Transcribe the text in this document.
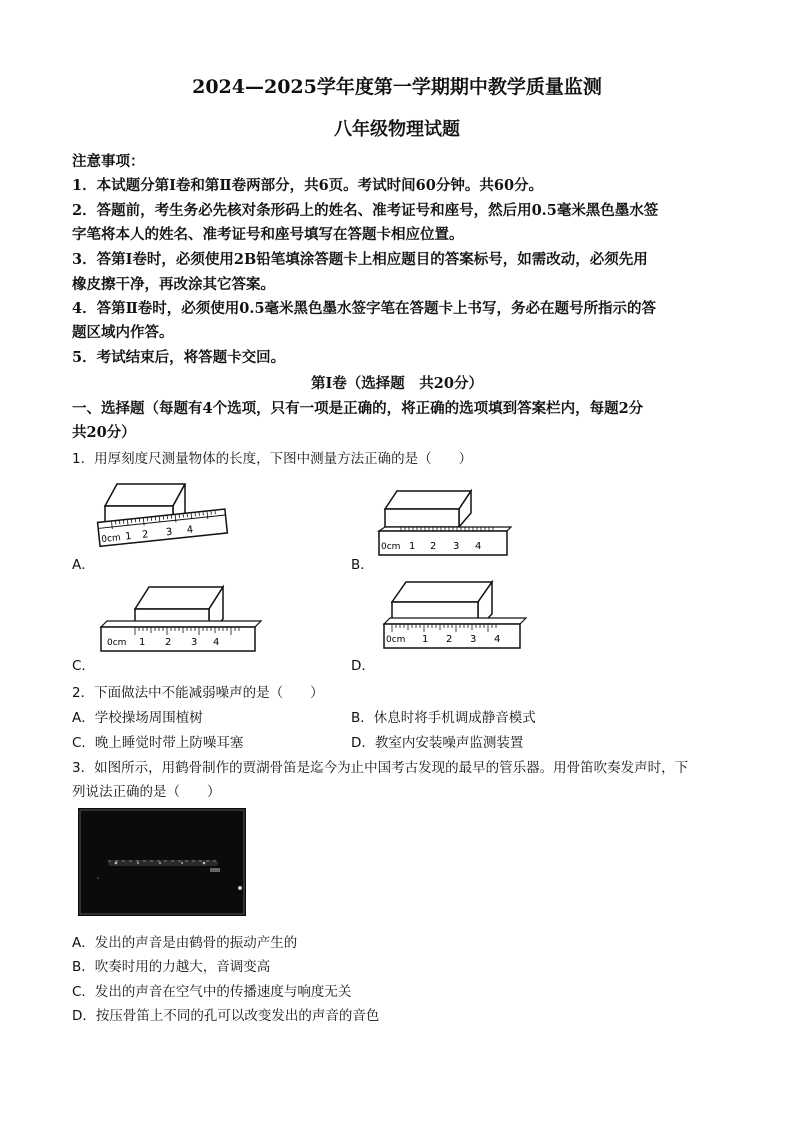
2024—2025学年度第一学期期中教学质量监测
八年级物理试题
注意事项：
1．本试题分第Ⅰ卷和第Ⅱ卷两部分，共6页。考试时间60分钟。共60分。
2．答题前，考生务必先核对条形码上的姓名、准考证号和座号，然后用0.5毫米黑色墨水签
字笔将本人的姓名、准考证号和座号填写在答题卡相应位置。
3．答第Ⅰ卷时，必须使用2B铅笔填涂答题卡上相应题目的答案标号，如需改动，必须先用
橡皮擦干净，再改涂其它答案。
4．答第Ⅱ卷时，必须使用0.5毫米黑色墨水签字笔在答题卡上书写，务必在题号所指示的答
题区域内作答。
5．考试结束后，将答题卡交回。
第Ⅰ卷（选择题　共20分）
一、选择题（每题有4个选项，只有一项是正确的，将正确的选项填到答案栏内，每题2分
共20分）
1．用厚刻度尺测量物体的长度，下图中测量方法正确的是（　　）
0cm 1 2 3 4
A．
0cm 1 2 3 4
B．
0cm 1 2 3 4
C．
0cm 1 2 3 4
D．
2．下面做法中不能减弱噪声的是（　　）
A．学校操场周围植树	B．休息时将手机调成静音模式
C．晚上睡觉时带上防噪耳塞	D．教室内安装噪声监测装置
3．如图所示，用鹤骨制作的贾湖骨笛是迄今为止中国考古发现的最早的管乐器。用骨笛吹奏发声时，下
列说法正确的是（　　）
A．发出的声音是由鹤骨的振动产生的
B．吹奏时用的力越大，音调变高
C．发出的声音在空气中的传播速度与响度无关
D．按压骨笛上不同的孔可以改变发出的声音的音色
